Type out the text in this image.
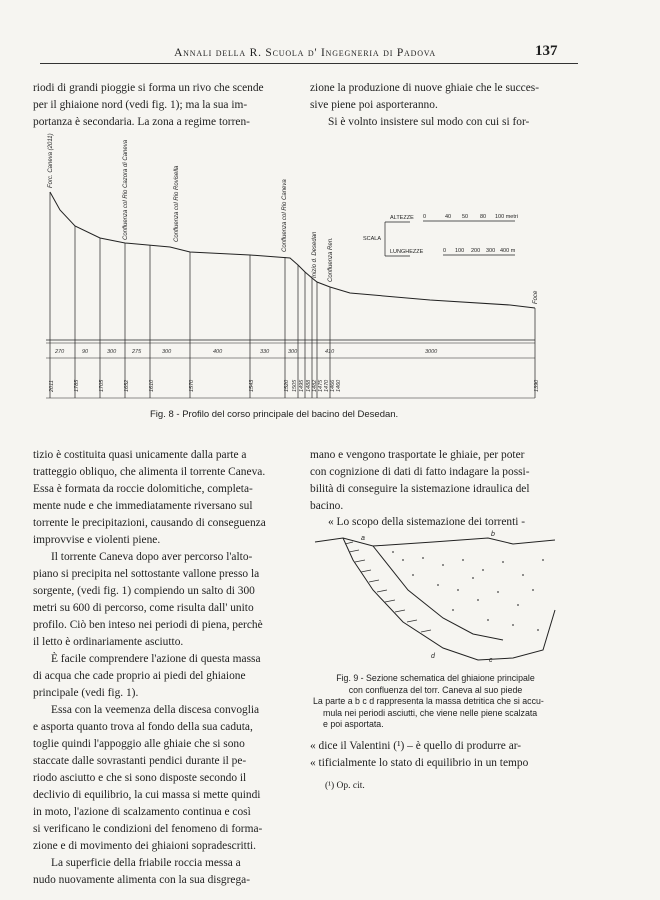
Annali della R. Scuola d' Ingegneria di Padova	137

riodi di grandi pioggie si forma un rivo che scende

per il ghiaione nord (vedi fig. 1); ma la sua im-

portanza è secondaria. La zona a regime torren-

zione la produzione di nuove ghiaie che le succes-

sive piene poi asporteranno.

Si è volnto insistere sul modo con cui si for-

Forc. Caneva (2011)	Confluenza col Rio Cazora di Caneva	Confluenza col Rio Rovisella	Confluenza col Rio Caneva
Inizio d. Desedan Confluenza Ren.
Foce
SCALA
ALTEZZE
LUNGHEZZE
0	40 50 80 100 metri
0 100 200 300 400 m
270	90	300	275	300	400	330	300	410	3000
2011	1785	1705	1652	1610	1570	1543	1520 1505 1495 1488 1482 1475 1470 1466 1460	1390
Fig. 8 - Profilo del corso principale del bacino del Desedan.

tizio è costituita quasi unicamente dalla parte a

tratteggio obliquo, che alimenta il torrente Caneva.

Essa è formata da roccie dolomitiche, completa-

mente nude e che immediatamente riversano sul

torrente le precipitazioni, causando di conseguenza

improvvise e violenti piene.

Il torrente Caneva dopo aver percorso l'alto-

piano si precipita nel sottostante vallone presso la

sorgente, (vedi fig. 1) compiendo un salto di 300

metri su 600 di percorso, come risulta dall' unito

profilo. Ciò ben inteso nei periodi di piena, perchè

il letto è ordinariamente asciutto.

È facile comprendere l'azione di questa massa

di acqua che cade proprio ai piedi del ghiaione

principale (vedi fig. 1).

Essa con la veemenza della discesa convoglia

e asporta quanto trova al fondo della sua caduta,

toglie quindi l'appoggio alle ghiaie che si sono

staccate dalle sovrastanti pendici durante il pe-

riodo asciutto e che si sono disposte secondo il

declivio di equilibrio, la cui massa si mette quindi

in moto, l'azione di scalzamento continua e così

si verificano le condizioni del fenomeno di forma-

zione e di movimento dei ghiaioni sopradescritti.

La superficie della friabile roccia messa a

nudo nuovamente alimenta con la sua disgrega-

mano e vengono trasportate le ghiaie, per poter

con cognizione di dati di fatto indagare la possi-

bilità di conseguire la sistemazione idraulica del

bacino.

« Lo scopo della sistemazione dei torrenti -

a
b
c
d
Fig. 9 - Sezione schematica del ghiaione principale
con confluenza del torr. Caneva al suo piede
La parte a b c d rappresenta la massa detritica che si accu-
mula nei periodi asciutti, che viene nelle piene scalzata
e poi asportata.

« dice il Valentini (¹) – è quello di produrre ar-

« tificialmente lo stato di equilibrio in un tempo

(¹) Op. cit.
